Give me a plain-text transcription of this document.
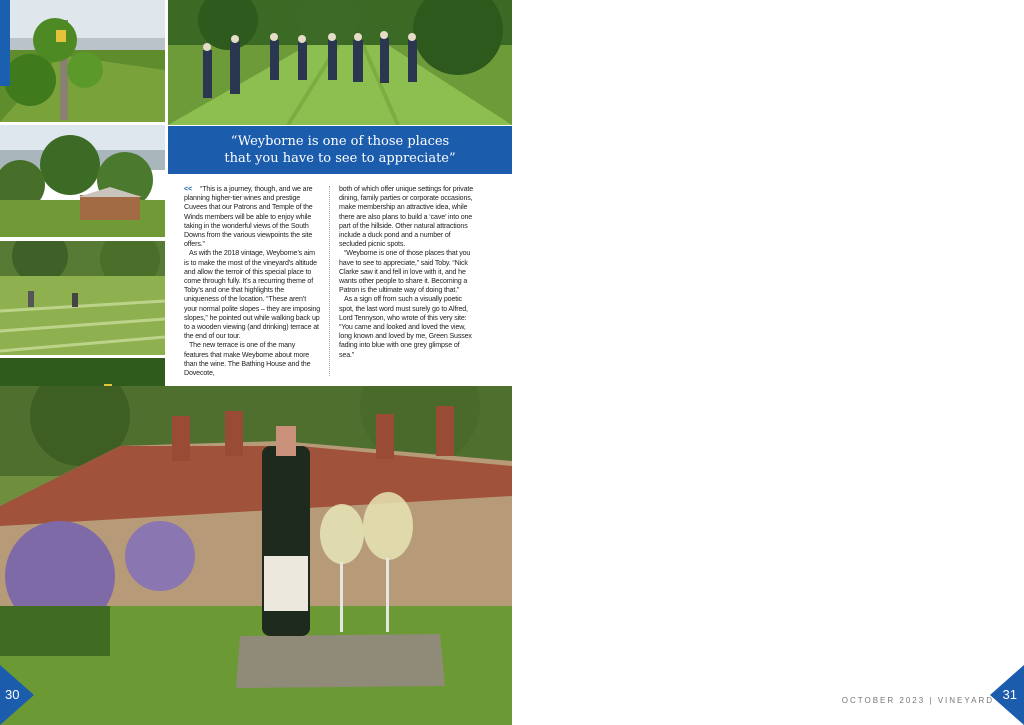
“Weyborne is one of those places
that you have to see to appreciate”

<< “This is a journey, though, and we are planning higher-tier wines and prestige Cuvees that our Patrons and Temple of the Winds members will be able to enjoy while taking in the wonderful views of the South Downs from the various viewpoints the site offers.”

As with the 2018 vintage, Weyborne’s aim is to make the most of the vineyard’s altitude and allow the terroir of this special place to come through fully. It’s a recurring theme of Toby’s and one that highlights the uniqueness of the location. “These aren’t your normal polite slopes – they are imposing slopes,” he pointed out while walking back up to a wooden viewing (and drinking) terrace at the end of our tour.

The new terrace is one of the many features that make Weyborne about more than the wine. The Bathing House and the Dovecote,

both of which offer unique settings for private dining, family parties or corporate occasions, make membership an attractive idea, while there are also plans to build a ‘cave’ into one part of the hillside. Other natural attractions include a duck pond and a number of secluded picnic spots.

“Weyborne is one of those places that you have to see to appreciate,” said Toby. “Nick Clarke saw it and fell in love with it, and he wants other people to share it. Becoming a Patron is the ultimate way of doing that.”

As a sign off from such a visually poetic spot, the last word must surely go to Alfred, Lord Tennyson, who wrote of this very site: “You came and looked and loved the view, long known and loved by me, Green Sussex fading into blue with one grey glimpse of sea.”

30	OCTOBER 2023 | VINEYARD 31
